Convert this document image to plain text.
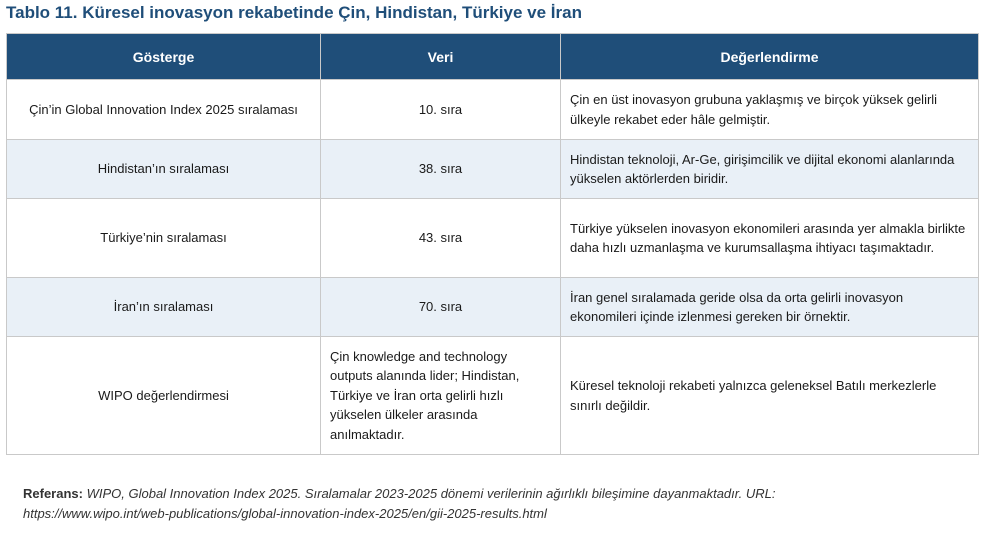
Tablo 11. Küresel inovasyon rekabetinde Çin, Hindistan, Türkiye ve İran
Gösterge	Veri	Değerlendirme
Çin’in Global Innovation Index 2025 sıralaması	10. sıra	Çin en üst inovasyon grubuna yaklaşmış ve birçok yüksek gelirli ülkeyle rekabet eder hâle gelmiştir.
Hindistan’ın sıralaması	38. sıra	Hindistan teknoloji, Ar-Ge, girişimcilik ve dijital ekonomi alanlarında yükselen aktörlerden biridir.
Türkiye’nin sıralaması	43. sıra	Türkiye yükselen inovasyon ekonomileri arasında yer almakla birlikte daha hızlı uzmanlaşma ve kurumsallaşma ihtiyacı taşımaktadır.
İran’ın sıralaması	70. sıra	İran genel sıralamada geride olsa da orta gelirli inovasyon ekonomileri içinde izlenmesi gereken bir örnektir.
WIPO değerlendirmesi	Çin knowledge and technology outputs alanında lider; Hindistan, Türkiye ve İran orta gelirli hızlı yükselen ülkeler arasında anılmaktadır.	Küresel teknoloji rekabeti yalnızca geleneksel Batılı merkezlerle sınırlı değildir.
Referans: WIPO, Global Innovation Index 2025. Sıralamalar 2023-2025 dönemi verilerinin ağırlıklı bileşimine dayanmaktadır. URL: https://www.wipo.int/web-publications/global-innovation-index-2025/en/gii-2025-results.html
